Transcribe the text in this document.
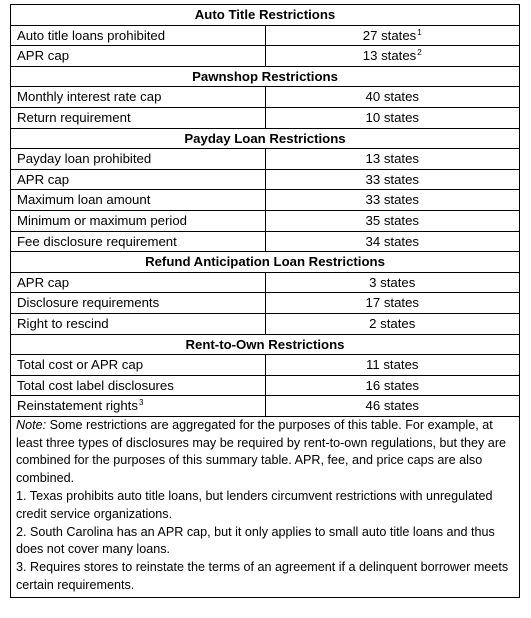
Auto Title Restrictions	
Auto title loans prohibited	27 states$^1$
APR cap	13 states$^2$
Pawnshop Restrictions	
Monthly interest rate cap	40 states
Return requirement	10 states
Payday Loan Restrictions	
Payday loan prohibited	13 states
APR cap	33 states
Maximum loan amount	33 states
Minimum or maximum period	35 states
Fee disclosure requirement	34 states
Refund Anticipation Loan Restrictions	
APR cap	3 states
Disclosure requirements	17 states
Right to rescind	2 states
Rent-to-Own Restrictions	
Total cost or APR cap	11 states
Total cost label disclosures	16 states
Reinstatement rights$^3$	46 states

Note: Some restrictions are aggregated for the purposes of this table. For example, at least three types of disclosures may be required by rent-to-own regulations, but they are combined for the purposes of this summary table. APR, fee, and price caps are also combined.

1. Texas prohibits auto title loans, but lenders circumvent restrictions with unregulated credit service organizations.

2. South Carolina has an APR cap, but it only applies to small auto title loans and thus does not cover many loans.

3. Requires stores to reinstate the terms of an agreement if a delinquent borrower meets certain requirements.	
